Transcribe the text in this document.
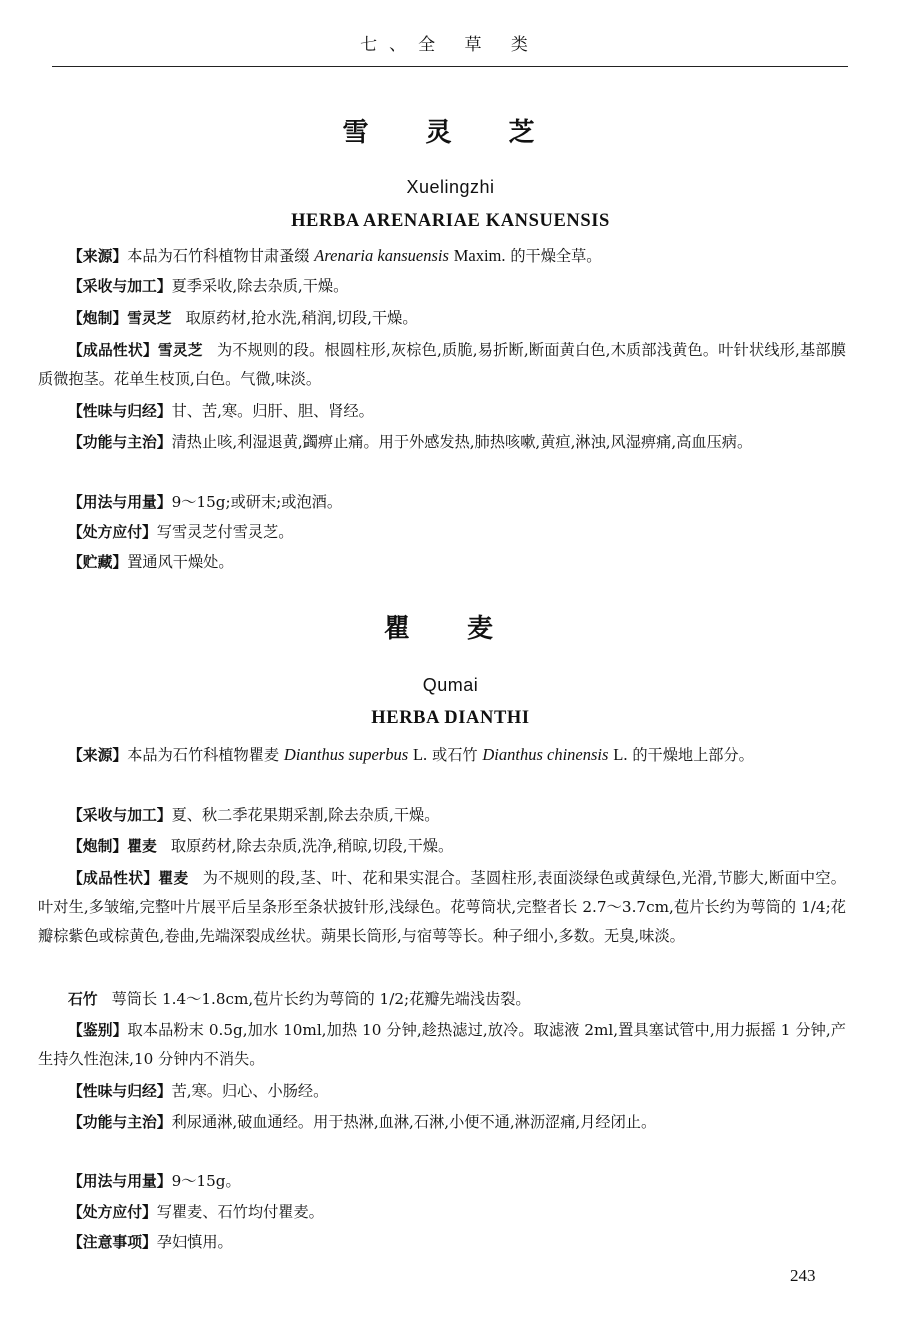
七、全 草 类
雪 灵 芝
Xuelingzhi
HERBA ARENARIAE KANSUENSIS
【来源】本品为石竹科植物甘肃蚤缀 Arenaria kansuensis Maxim. 的干燥全草。
【采收与加工】夏季采收,除去杂质,干燥。
【炮制】雪灵芝 取原药材,抢水洗,稍润,切段,干燥。
【成品性状】雪灵芝 为不规则的段。根圆柱形,灰棕色,质脆,易折断,断面黄白色,木质部浅黄色。叶针状线形,基部膜质微抱茎。花单生枝顶,白色。气微,味淡。
【性味与归经】甘、苦,寒。归肝、胆、肾经。
【功能与主治】清热止咳,利湿退黄,蠲痹止痛。用于外感发热,肺热咳嗽,黄疸,淋浊,风湿痹痛,高血压病。
【用法与用量】9～15g;或研末;或泡酒。
【处方应付】写雪灵芝付雪灵芝。
【贮藏】置通风干燥处。
瞿 麦
Qumai
HERBA DIANTHI
【来源】本品为石竹科植物瞿麦 Dianthus superbus L. 或石竹 Dianthus chinensis L. 的干燥地上部分。
【采收与加工】夏、秋二季花果期采割,除去杂质,干燥。
【炮制】瞿麦 取原药材,除去杂质,洗净,稍晾,切段,干燥。
【成品性状】瞿麦 为不规则的段,茎、叶、花和果实混合。茎圆柱形,表面淡绿色或黄绿色,光滑,节膨大,断面中空。叶对生,多皱缩,完整叶片展平后呈条形至条状披针形,浅绿色。花萼筒状,完整者长 2.7～3.7cm,苞片长约为萼筒的 1/4;花瓣棕紫色或棕黄色,卷曲,先端深裂成丝状。蒴果长筒形,与宿萼等长。种子细小,多数。无臭,味淡。
石竹 萼筒长 1.4～1.8cm,苞片长约为萼筒的 1/2;花瓣先端浅齿裂。
【鉴别】取本品粉末 0.5g,加水 10ml,加热 10 分钟,趁热滤过,放冷。取滤液 2ml,置具塞试管中,用力振摇 1 分钟,产生持久性泡沫,10 分钟内不消失。
【性味与归经】苦,寒。归心、小肠经。
【功能与主治】利尿通淋,破血通经。用于热淋,血淋,石淋,小便不通,淋沥涩痛,月经闭止。
【用法与用量】9～15g。
【处方应付】写瞿麦、石竹均付瞿麦。
【注意事项】孕妇慎用。
243
